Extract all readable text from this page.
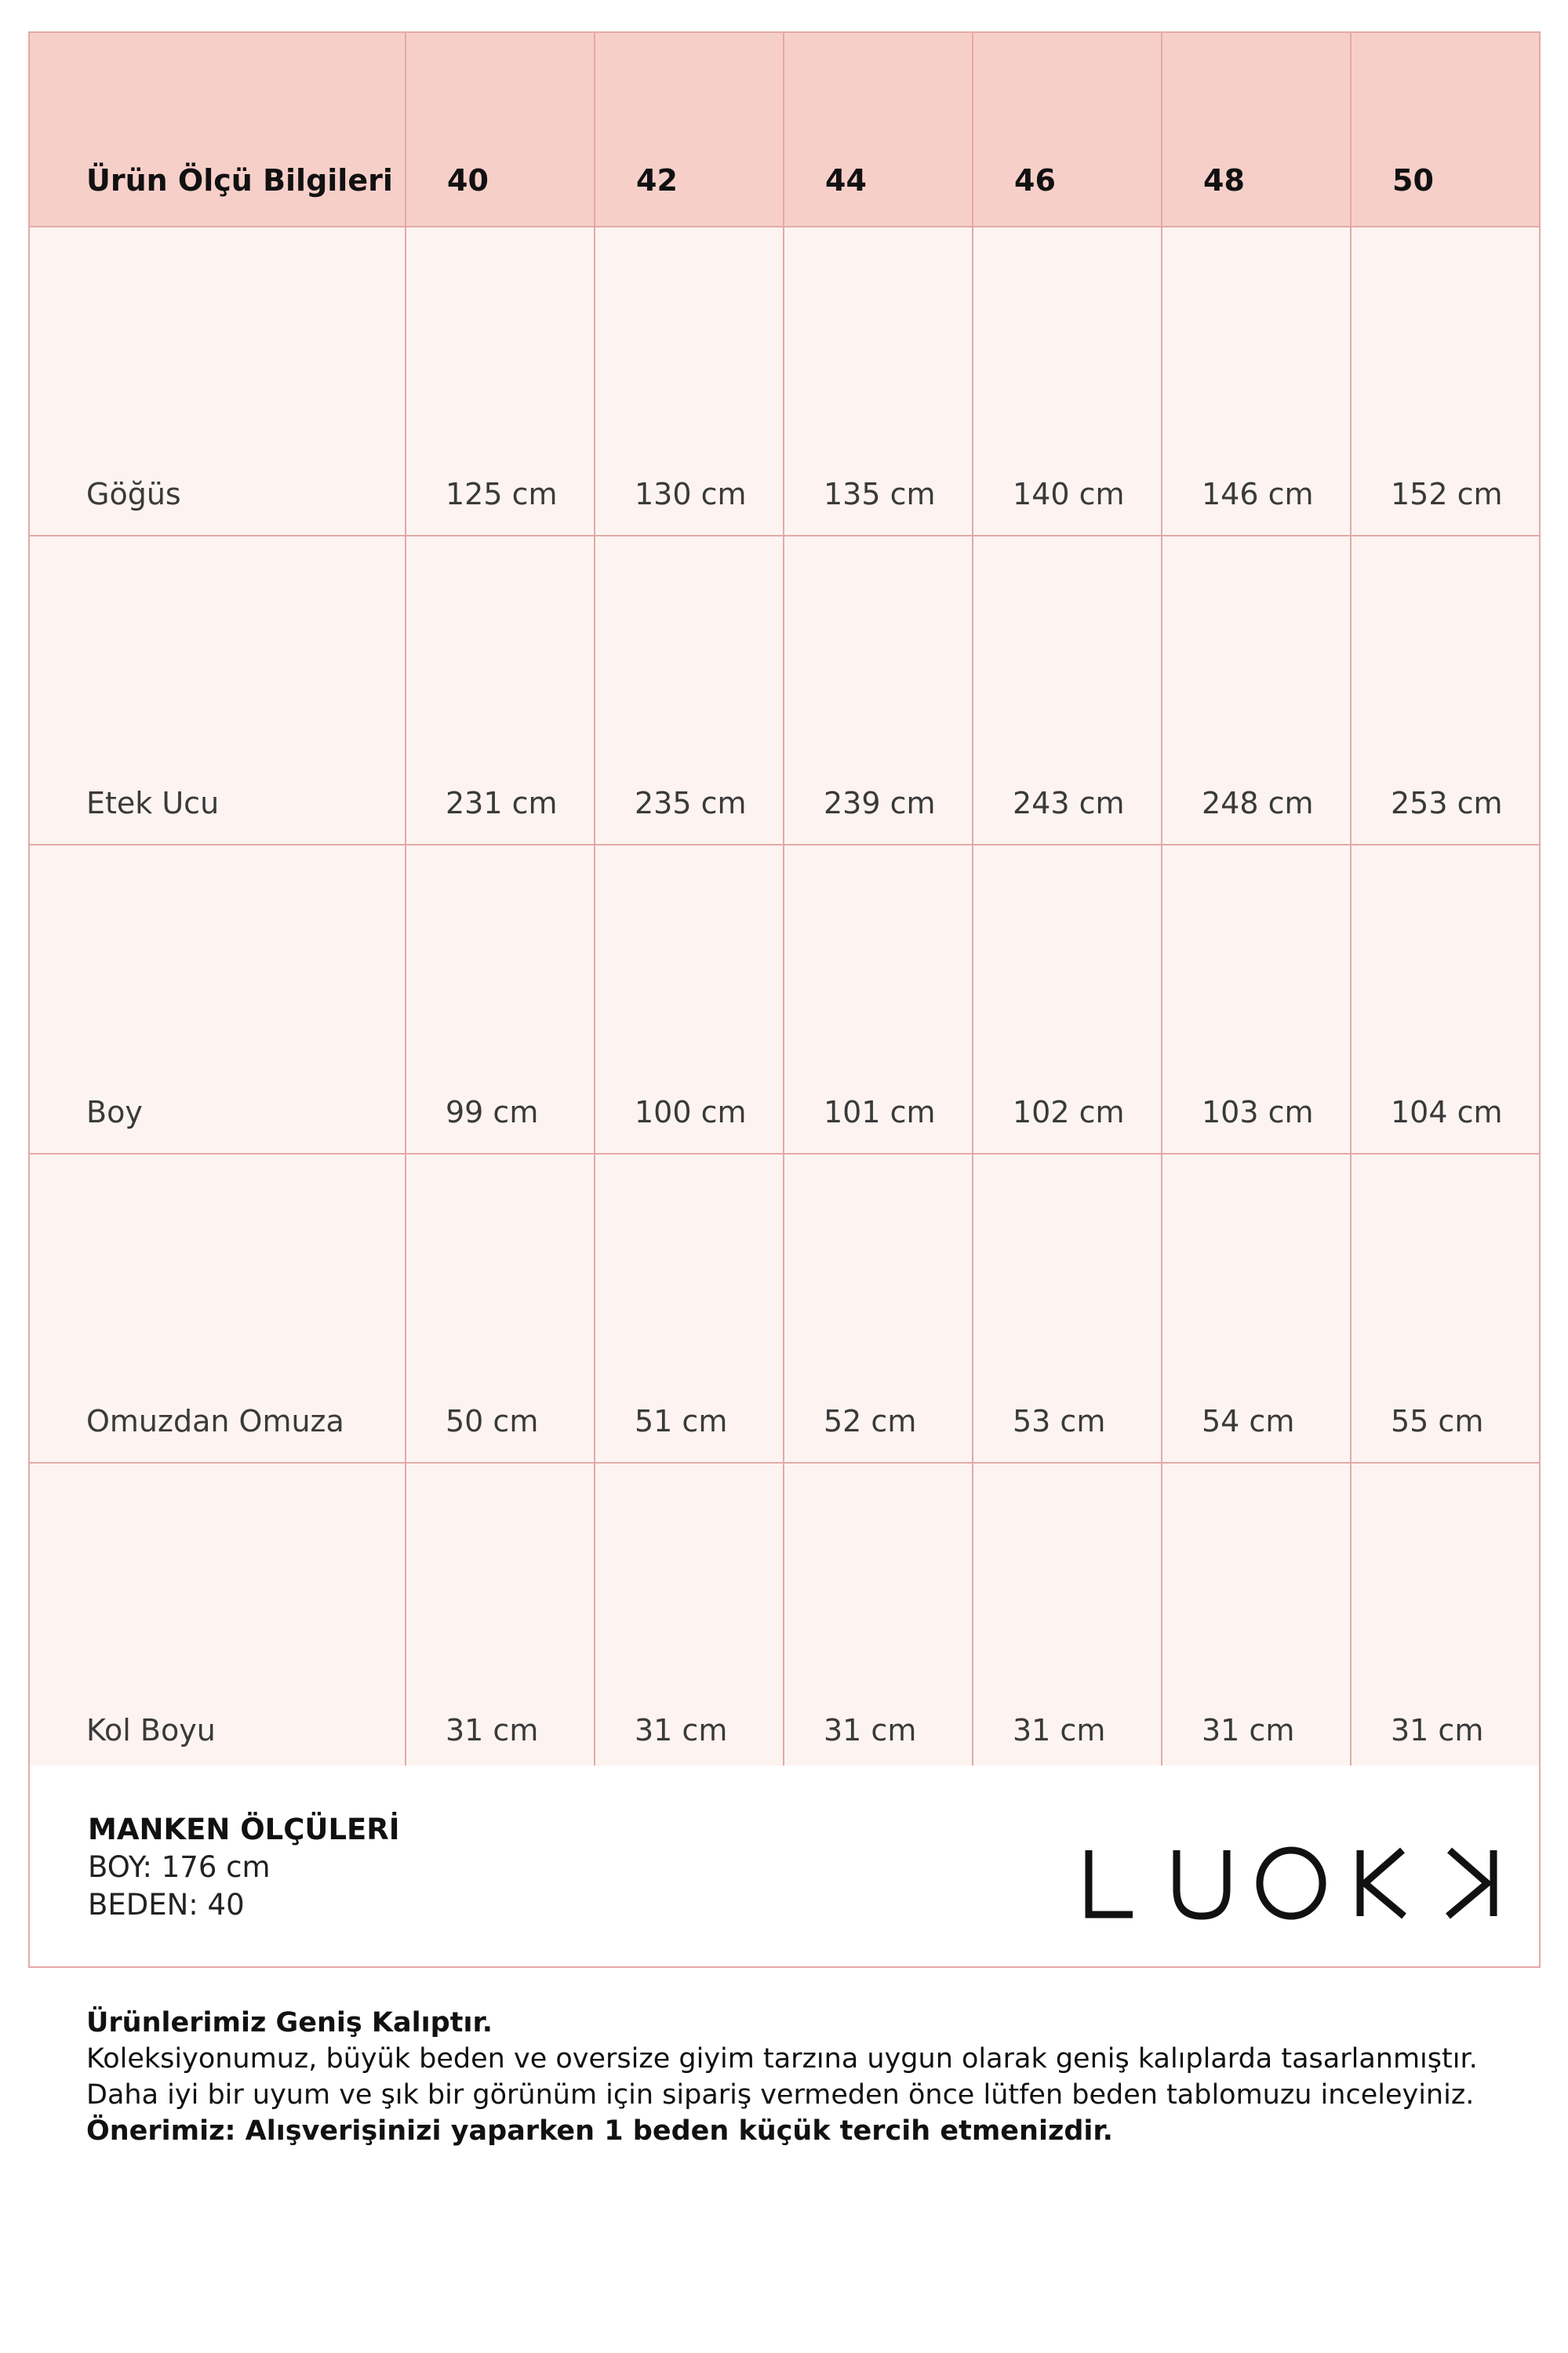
Ürün Ölçü Bilgileri	40	42	44	46	48	50
Göğüs	125 cm	130 cm	135 cm	140 cm	146 cm	152 cm
Etek Ucu	231 cm	235 cm	239 cm	243 cm	248 cm	253 cm
Boy	99 cm	100 cm	101 cm	102 cm	103 cm	104 cm
Omuzdan Omuza	50 cm	51 cm	52 cm	53 cm	54 cm	55 cm
Kol Boyu	31 cm	31 cm	31 cm	31 cm	31 cm	31 cm
MANKEN ÖLÇÜLERİ
BOY: 176 cm
BEDEN: 40
Ürünlerimiz Geniş Kalıptır.
Koleksiyonumuz, büyük beden ve oversize giyim tarzına uygun olarak geniş kalıplarda tasarlanmıştır.
Daha iyi bir uyum ve şık bir görünüm için sipariş vermeden önce lütfen beden tablomuzu inceleyiniz.
Önerimiz: Alışverişinizi yaparken 1 beden küçük tercih etmenizdir.
